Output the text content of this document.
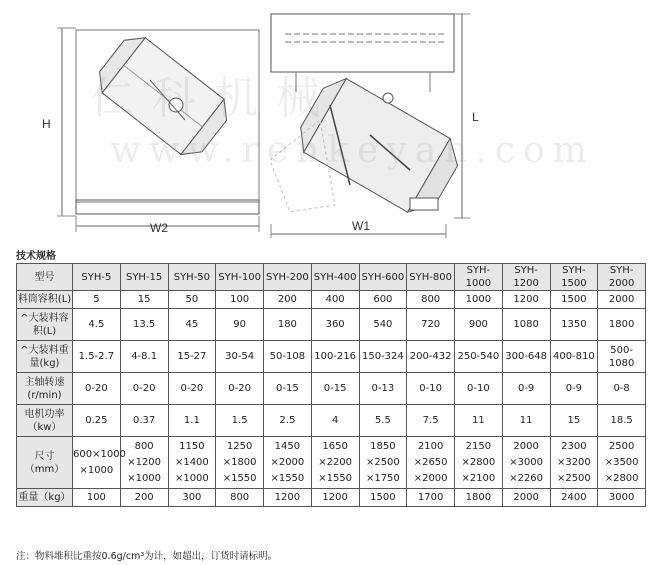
H
W2	W1
L
技术规格
型号	SYH-5	SYH-15	SYH-50	SYH-100	SYH-200	SYH-400	SYH-600	SYH-800	SYH-1000	SYH-1200	SYH-1500	SYH-2000

料筒容积(L)	5	15	50	100	200	400	600	800	1000	1200	1500	2000

^大装料容
积(L)	4.5	13.5	45	90	180	360	540	720	900	1080	1350	1800

^大装料重
量(kg)	1.5-2.7	4-8.1	15-27	30-54	50-108	100-216	150-324	200-432	250-540	300-648	400-810	500-1080

主轴转速
(r/min)	0-20	0-20	0-20	0-20	0-15	0-15	0-13	0-10	0-10	0-9	0-9	0-8

电机功率
（kw）	0.25	0.37	1.1	1.5	2.5	4	5.5	7.5	11	11	15	18.5

尺寸
（mm）	600×1000
×1000	800
×1200
×1000	1150
×1400
×1000	1250
×1800
×1550	1450
×2000
×1550	1650
×2200
×1550	1850
×2500
×1750	2100
×2650
×2000	2150
×2800
×2100	2000
×3000
×2260	2300
×3200
×2500	2500
×3500
×2800

重量（kg）	100	200	300	800	1200	1200	1500	1700	1800	2000	2400	3000
注：物料堆积比重按0.6g/cm³为计，如超出，订货时请标明。
